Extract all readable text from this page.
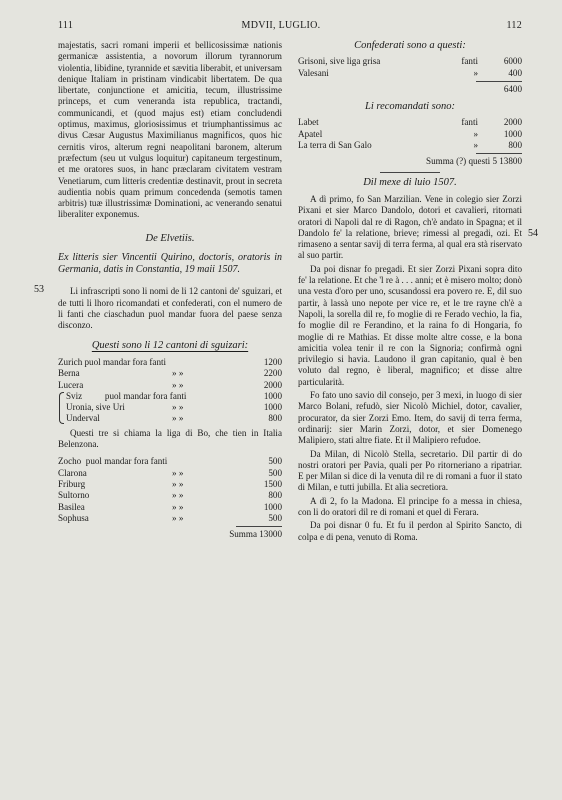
111	MDVII, LUGLIO.	112
53
54

majestatis, sacri romani imperii et bellicosissimæ nationis germanicæ assistentia, a novorum illorum tyrannorum violentia, libidine, tyrannide et sævitia liberabit, et universam denique Italiam in pristinam vindicabit libertatem. De qua libertate, conjunctione et amicitia, tecum, illustrissime princeps, et cum veneranda ista republica, tractandi, communicandi, et (quod majus est) etiam concludendi optimus, maximus, gloriosissimus et triumphantissimus ac divus Cæsar Augustus Maximilianus magnificos, quos hic cernitis viros, alterum regni neapolitani baronem, alterum præfectum (seu ut vulgus loquitur) capitaneum tergestinum, et me oratores suos, in hanc præclaram civitatem vestram Venetiarum, cum litteris credentiæ destinavit, prout in secreta audientia nobis quam primum concedenda (semotis tamen arbitris) tuæ illustrissimæ Dominationi, ac venerando senatui liberaliter exponemus.

De Elvetiis.

Ex litteris sier Vincentii Quirino, doctoris, oratoris in Germania, datis in Constantia, 19 maii 1507.

Li infrascripti sono li nomi de li 12 cantoni de' sguizari, et de tutti li lhoro ricomandati et confederati, con el numero de li fanti che ciaschadun puol mandar fuora del paese senza disconzo.

Questi sono li 12 cantoni di sguizari:

Zurich puol mandar fora fanti	1200
Berna	» »	2200
Lucera	» »	2000
Sviz          puol mandar fora fanti	1000
Uronia, sive Uri	» »	1000
Underval	» »	800

Questi tre si chiama la liga di Bo, che tien in Italia Belenzona.

Zocho  puol mandar fora fanti	500
Clarona	» »	500
Friburg	» »	1500
Sultorno	» »	800
Basilea	» »	1000
Sophusa	» »	500
Summa 13000

Confederati sono a questi:

Grisoni, sive liga grisa	fanti	6000
Valesani	»	400
6400

Li recomandati sono:

Labet	fanti	2000
Apatel	»	1000
La terra di San Galo	»	800
Summa (?) questi 5 13800

Dil mexe di luio 1507.

A dì primo, fo San Marzilian. Vene in colegio sier Zorzi Pixani et sier Marco Dandolo, dotori et cavalieri, ritornati oratori di Napoli dal re di Ragon, ch'è andato in Spagna; et il Dandolo fe' la relatione, brieve; rimessi al pregadi, ozi. Et rimaseno a sentar savij di terra ferma, al qual era stà riservato al suo partir.

Da poi disnar fo pregadi. Et sier Zorzi Pixani sopra dito fe' la relatione. Et che 'l re à . . . anni; et è misero molto; donò una vesta d'oro per uno, scusandossi era povero re. E, dil suo partir, à lassà uno nepote per vice re, et le tre rayne ch'è a Napoli, la sorella dil re, fo moglie di re Ferado vechio, la fia, fo moglie dil re Ferandino, et la raina fo di Hongaria, fo moglie di re Mathias. Et disse molte altre cosse, e la bona amicitia volea tenir il re con la Signoria; confirmà ogni privilegio si havia. Laudono il gran capitanio, qual è ben voluto dal regno, è liberal, magnifico; et disse altre particularità.

Fo fato uno savio dil consejo, per 3 mexi, in luogo di sier Marco Bolani, refudò, sier Nicolò Michiel, dotor, cavalier, procurator, da sier Zorzi Emo. Item, do savij di terra ferma, ordinarij: sier Marin Zorzi, dotor, et sier Domenego Malipiero, stati altre fiate. Et il Malipiero refudoe.

Da Milan, di Nicolò Stella, secretario. Dil partir di do nostri oratori per Pavia, quali per Po ritorneriano a ripatriar. E per Milan si dice di la venuta dil re di romani a fuor il stato di Milan, e tutti jubilla. Et alia secretiora.

A dì 2, fo la Madona. El principe fo a messa in chiesa, con li do oratori dil re di romani et quel di Ferara.

Da poi disnar 0 fu. Et fu il perdon al Spirito Sancto, di colpa e di pena, venuto di Roma.
